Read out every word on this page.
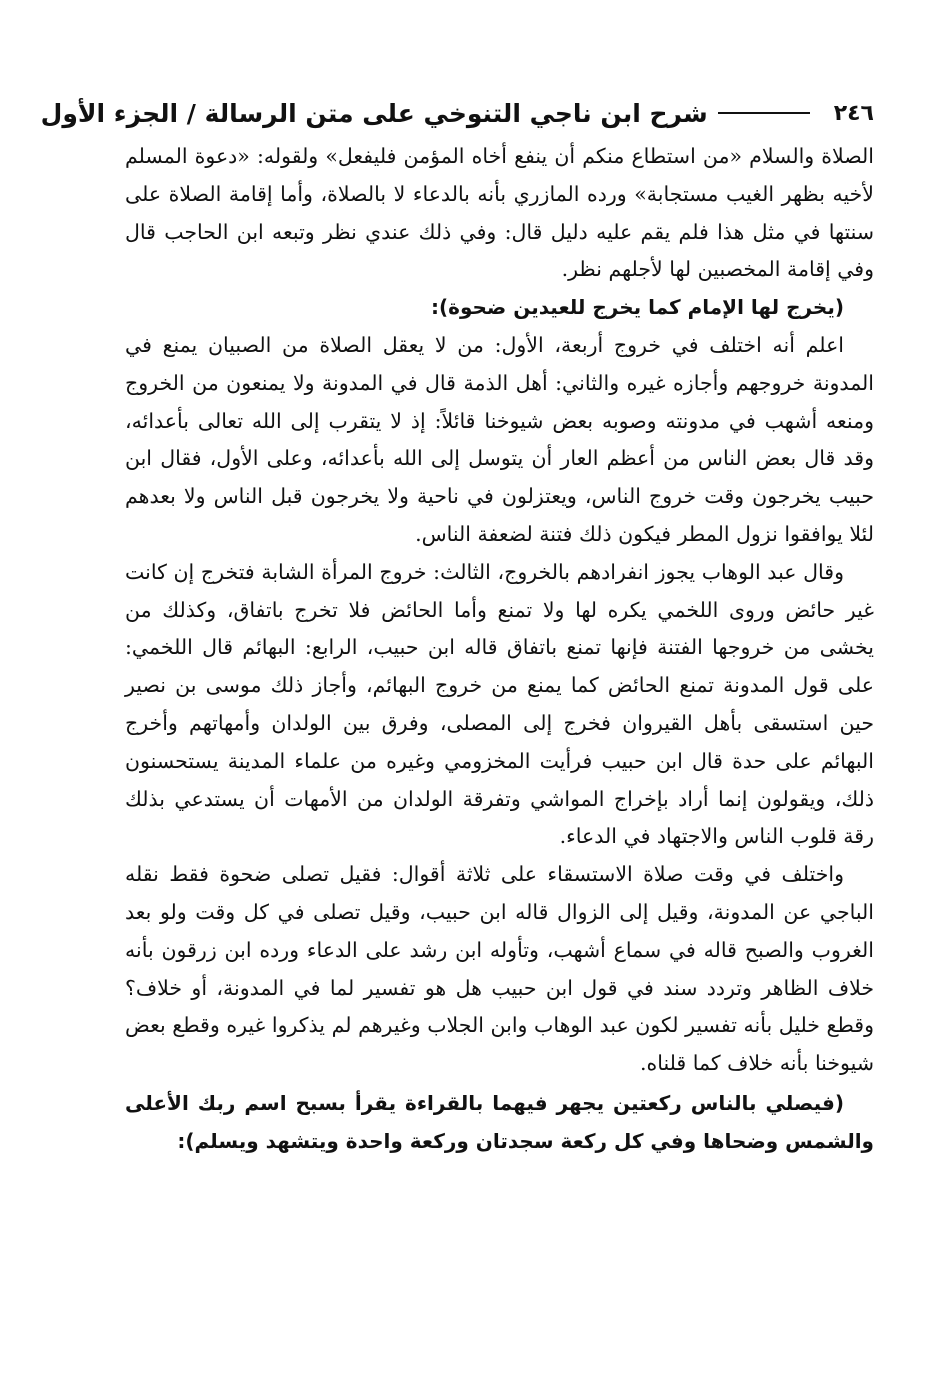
٢٤٦
شرح ابن ناجي التنوخي على متن الرسالة / الجزء الأول

الصلاة والسلام «من استطاع منكم أن ينفع أخاه المؤمن فليفعل» ولقوله: «دعوة المسلم لأخيه بظهر الغيب مستجابة» ورده المازري بأنه بالدعاء لا بالصلاة، وأما إقامة الصلاة على سنتها في مثل هذا فلم يقم عليه دليل قال: وفي ذلك عندي نظر وتبعه ابن الحاجب قال وفي إقامة المخصبين لها لأجلهم نظر.

(يخرج لها الإمام كما يخرج للعيدين ضحوة):

اعلم أنه اختلف في خروج أربعة، الأول: من لا يعقل الصلاة من الصبيان يمنع في المدونة خروجهم وأجازه غيره والثاني: أهل الذمة قال في المدونة ولا يمنعون من الخروج ومنعه أشهب في مدونته وصوبه بعض شيوخنا قائلاً: إذ لا يتقرب إلى الله تعالى بأعدائه، وقد قال بعض الناس من أعظم العار أن يتوسل إلى الله بأعدائه، وعلى الأول، فقال ابن حبيب يخرجون وقت خروج الناس، ويعتزلون في ناحية ولا يخرجون قبل الناس ولا بعدهم لئلا يوافقوا نزول المطر فيكون ذلك فتنة لضعفة الناس.

وقال عبد الوهاب يجوز انفرادهم بالخروج، الثالث: خروج المرأة الشابة فتخرج إن كانت غير حائض وروى اللخمي يكره لها ولا تمنع وأما الحائض فلا تخرج باتفاق، وكذلك من يخشى من خروجها الفتنة فإنها تمنع باتفاق قاله ابن حبيب، الرابع: البهائم قال اللخمي: على قول المدونة تمنع الحائض كما يمنع من خروج البهائم، وأجاز ذلك موسى بن نصير حين استسقى بأهل القيروان فخرج إلى المصلى، وفرق بين الولدان وأمهاتهم وأخرج البهائم على حدة قال ابن حبيب فرأيت المخزومي وغيره من علماء المدينة يستحسنون ذلك، ويقولون إنما أراد بإخراج المواشي وتفرقة الولدان من الأمهات أن يستدعي بذلك رقة قلوب الناس والاجتهاد في الدعاء.

واختلف في وقت صلاة الاستسقاء على ثلاثة أقوال: فقيل تصلى ضحوة فقط نقله الباجي عن المدونة، وقيل إلى الزوال قاله ابن حبيب، وقيل تصلى في كل وقت ولو بعد الغروب والصبح قاله في سماع أشهب، وتأوله ابن رشد على الدعاء ورده ابن زرقون بأنه خلاف الظاهر وتردد سند في قول ابن حبيب هل هو تفسير لما في المدونة، أو خلاف؟ وقطع خليل بأنه تفسير لكون عبد الوهاب وابن الجلاب وغيرهم لم يذكروا غيره وقطع بعض شيوخنا بأنه خلاف كما قلناه.

(فيصلي بالناس ركعتين يجهر فيهما بالقراءة يقرأ بسبح اسم ربك الأعلى والشمس وضحاها وفي كل ركعة سجدتان وركعة واحدة ويتشهد ويسلم):
